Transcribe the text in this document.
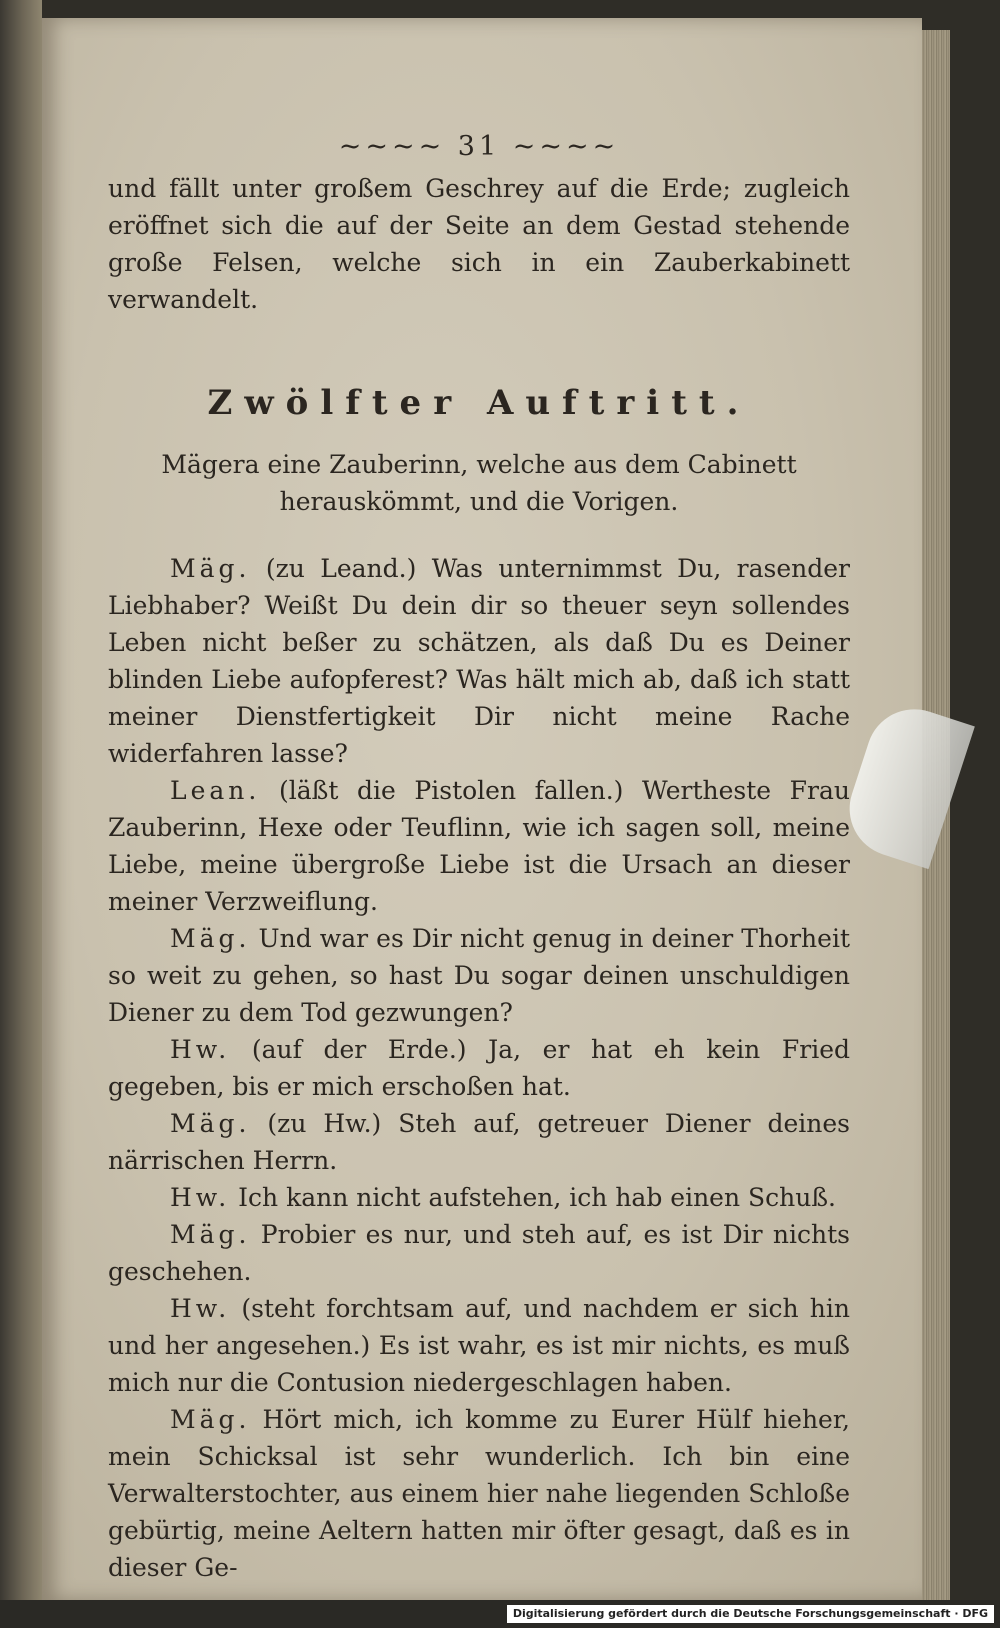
~~~~ 31 ~~~~
und fällt unter großem Geschrey auf die Erde; zugleich eröffnet sich die auf der Seite an dem Gestad stehende große Felsen, welche sich in ein Zauberkabinett verwandelt.
Zwölfter Auftritt.
Mägera eine Zauberinn, welche aus dem Cabinett herauskömmt, und die Vorigen.
Mäg. (zu Leand.) Was unternimmst Du, rasender Liebhaber? Weißt Du dein dir so theuer seyn sollendes Leben nicht beßer zu schätzen, als daß Du es Deiner blinden Liebe aufopferest? Was hält mich ab, daß ich statt meiner Dienstfertigkeit Dir nicht meine Rache widerfahren lasse?
Lean. (läßt die Pistolen fallen.) Wertheste Frau Zauberinn, Hexe oder Teuflinn, wie ich sagen soll, meine Liebe, meine übergroße Liebe ist die Ursach an dieser meiner Verzweiflung.
Mäg. Und war es Dir nicht genug in deiner Thorheit so weit zu gehen, so hast Du sogar deinen unschuldigen Diener zu dem Tod gezwungen?
Hw. (auf der Erde.) Ja, er hat eh kein Fried gegeben, bis er mich erschoßen hat.
Mäg. (zu Hw.) Steh auf, getreuer Diener deines närrischen Herrn.
Hw. Ich kann nicht aufstehen, ich hab einen Schuß.
Mäg. Probier es nur, und steh auf, es ist Dir nichts geschehen.
Hw. (steht forchtsam auf, und nachdem er sich hin und her angesehen.) Es ist wahr, es ist mir nichts, es muß mich nur die Contusion niedergeschlagen haben.
Mäg. Hört mich, ich komme zu Eurer Hülf hieher, mein Schicksal ist sehr wunderlich. Ich bin eine Verwalterstochter, aus einem hier nahe liegenden Schloße gebürtig, meine Aeltern hatten mir öfter gesagt, daß es in dieser Ge-
Digitalisierung gefördert durch die Deutsche Forschungsgemeinschaft · DFG
